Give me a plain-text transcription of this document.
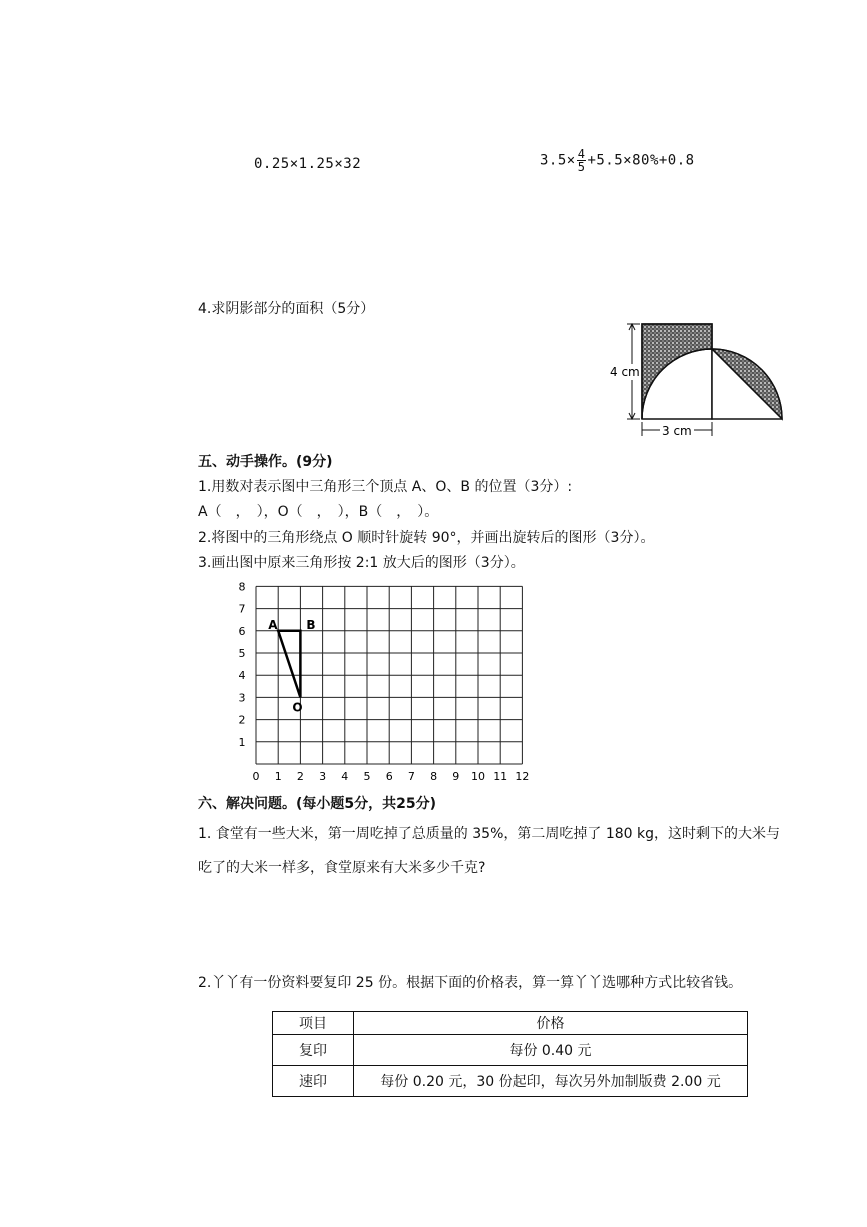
0.25×1.25×32	$3.5\times \frac{4}{5} +5.5\times 80\%+0.8$
4.求阴影部分的面积（5分）
4 cm
3 cm
五、动手操作。(9分)
1.用数对表示图中三角形三个顶点 A、O、B 的位置（3分）:
A（　，　），O（　，　），B（　，　）。
2.将图中的三角形绕点 O 顺时针旋转 90°，并画出旋转后的图形（3分）。
3.画出图中原来三角形按 2:1 放大后的图形（3分）。
0 1 2 3 4 5 6 7 8 9 10 11 12
1
2
3
4
5
6
7
8
A B
O
六、解决问题。(每小题5分，共25分)
1. 食堂有一些大米，第一周吃掉了总质量的 35%，第二周吃掉了 180 kg，这时剩下的大米与
吃了的大米一样多，食堂原来有大米多少千克?
2.丫丫有一份资料要复印 25 份。根据下面的价格表，算一算丫丫选哪种方式比较省钱。
项目	价格
复印	每份 0.40 元
速印	每份 0.20 元，30 份起印，每次另外加制版费 2.00 元
